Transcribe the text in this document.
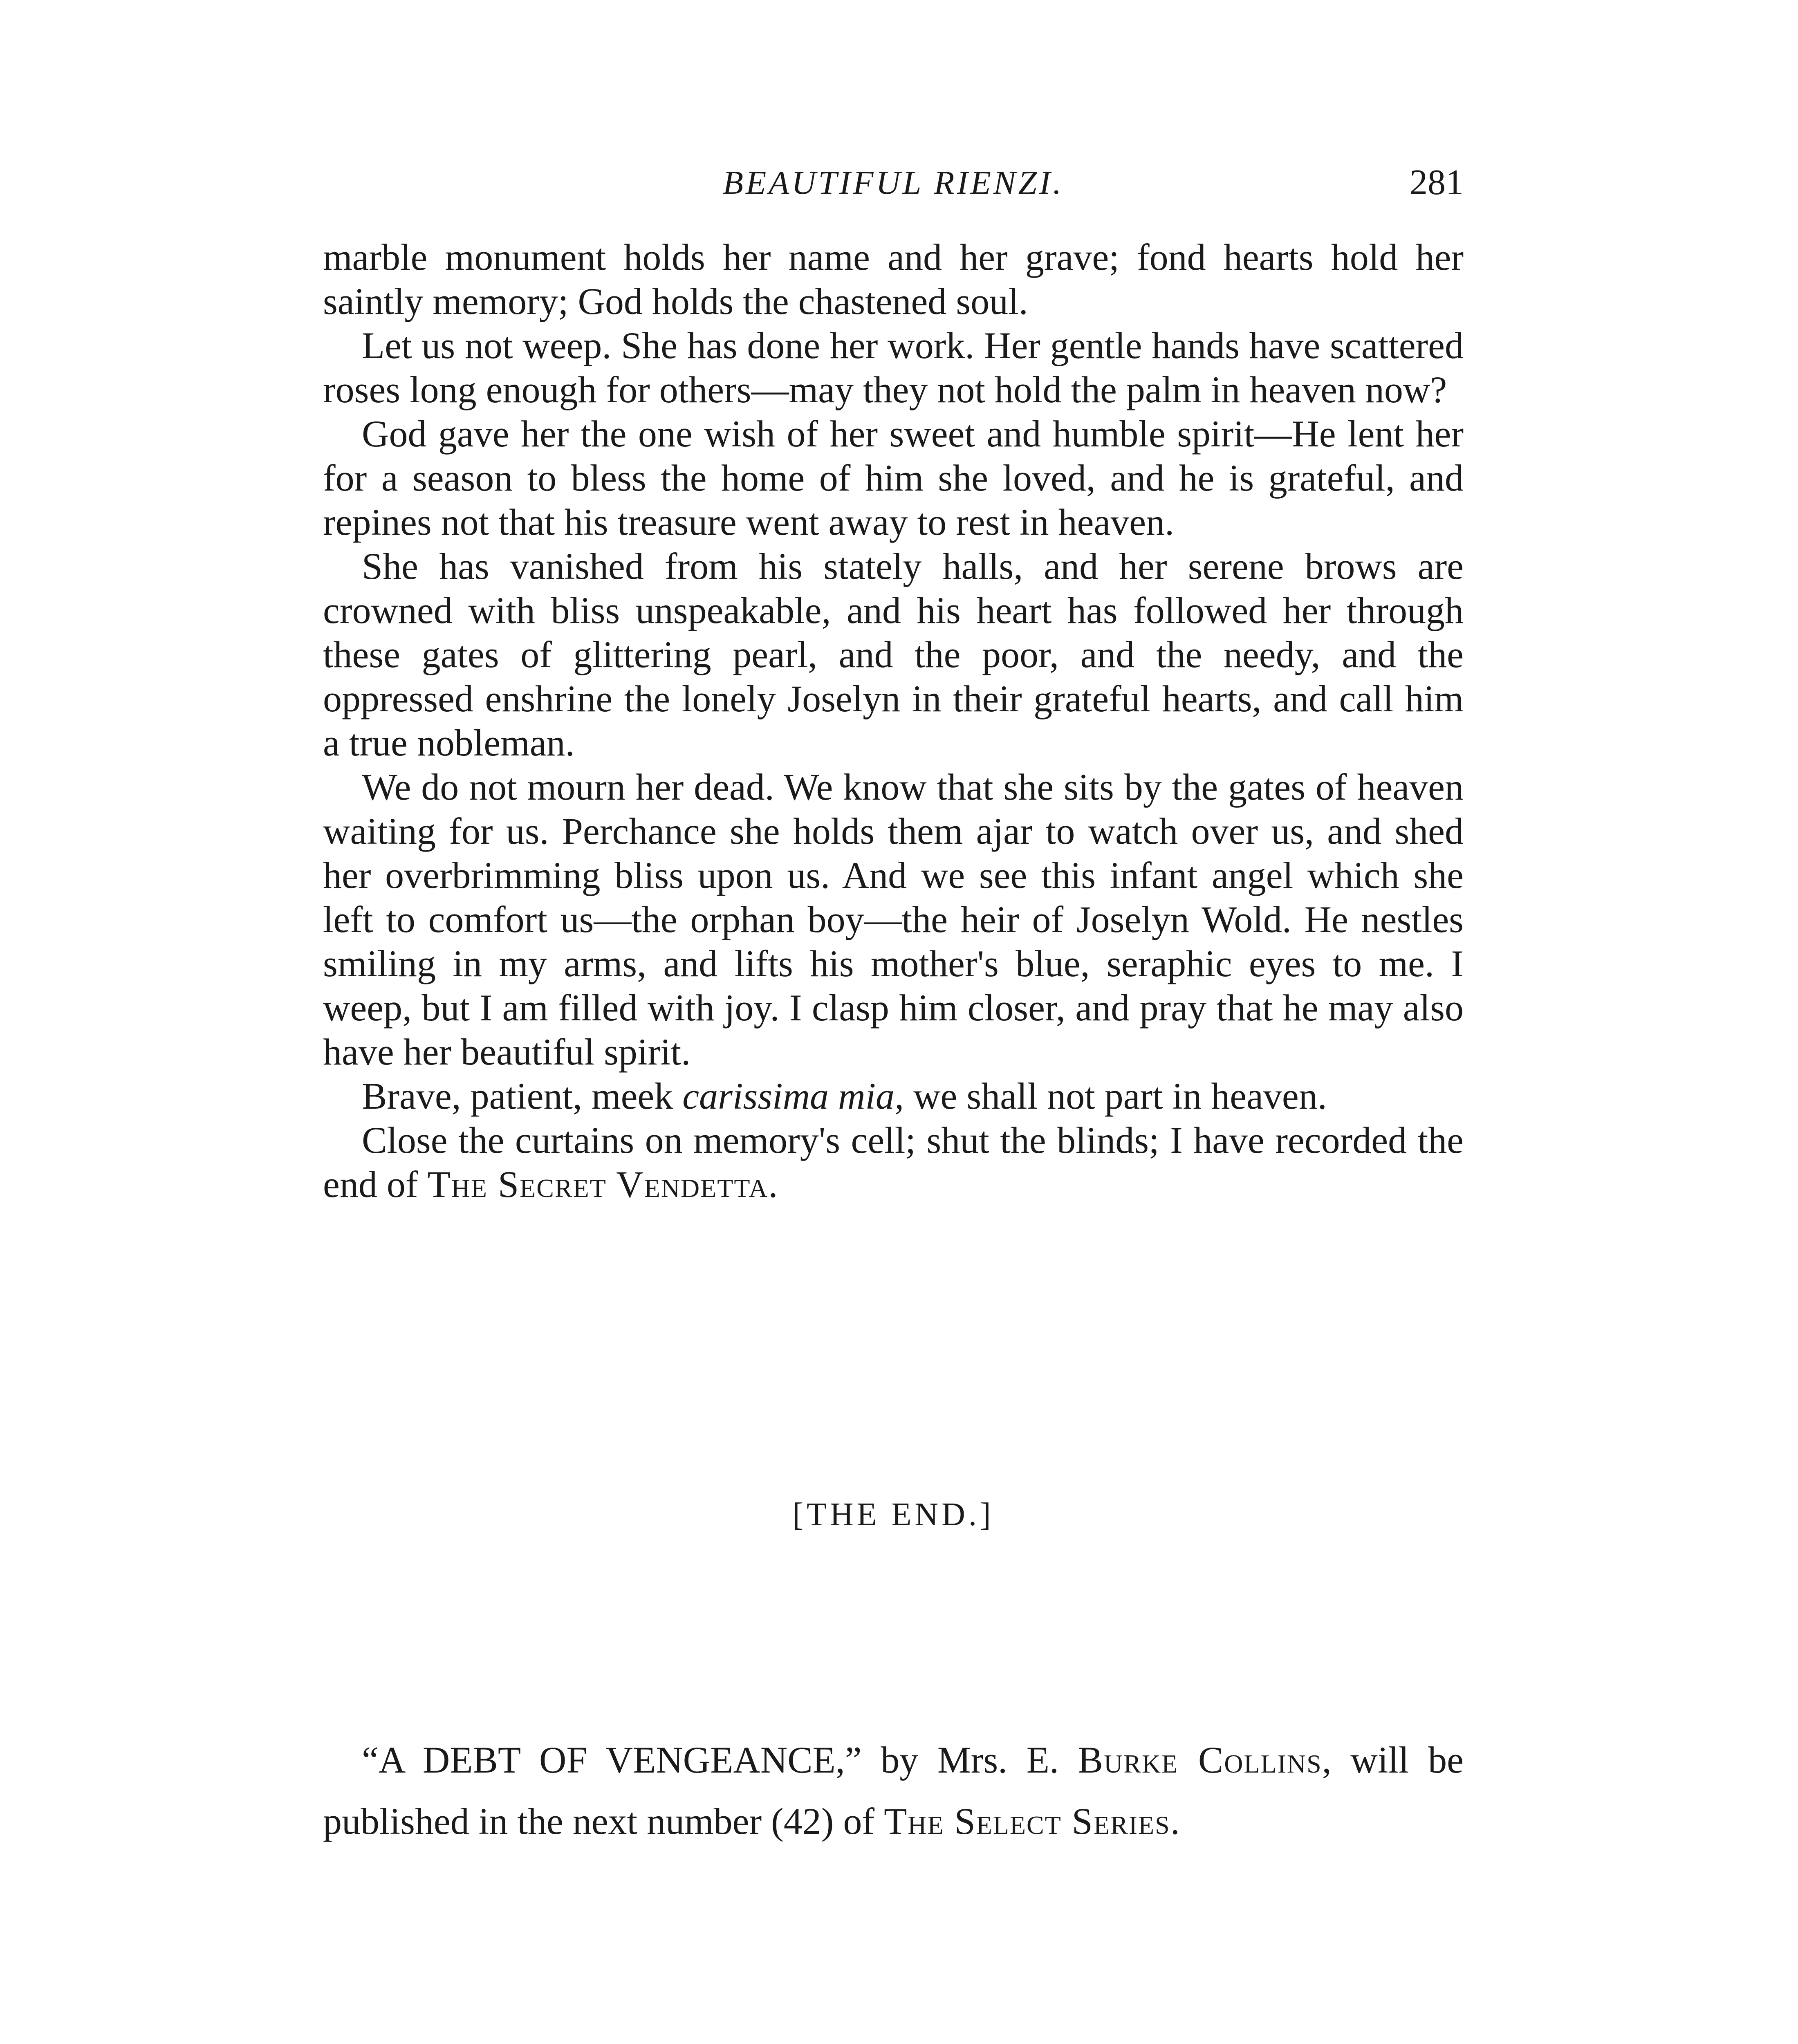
BEAUTIFUL RIENZI.	281

marble monument holds her name and her grave; fond hearts hold her saintly memory; God holds the chastened soul.

Let us not weep. She has done her work. Her gentle hands have scattered roses long enough for others—may they not hold the palm in heaven now?

God gave her the one wish of her sweet and humble spirit—He lent her for a season to bless the home of him she loved, and he is grateful, and repines not that his treasure went away to rest in heaven.

She has vanished from his stately halls, and her serene brows are crowned with bliss unspeakable, and his heart has followed her through these gates of glittering pearl, and the poor, and the needy, and the oppressed enshrine the lonely Joselyn in their grateful hearts, and call him a true nobleman.

We do not mourn her dead. We know that she sits by the gates of heaven waiting for us. Perchance she holds them ajar to watch over us, and shed her overbrimming bliss upon us. And we see this infant angel which she left to comfort us—the orphan boy—the heir of Joselyn Wold. He nestles smiling in my arms, and lifts his mother's blue, seraphic eyes to me. I weep, but I am filled with joy. I clasp him closer, and pray that he may also have her beautiful spirit.

Brave, patient, meek carissima mia, we shall not part in heaven.

Close the curtains on memory's cell; shut the blinds; I have recorded the end of The Secret Vendetta.

[THE END.]
“A DEBT OF VENGEANCE,” by Mrs. E. Burke Collins, will be published in the next number (42) of The Select Series.
